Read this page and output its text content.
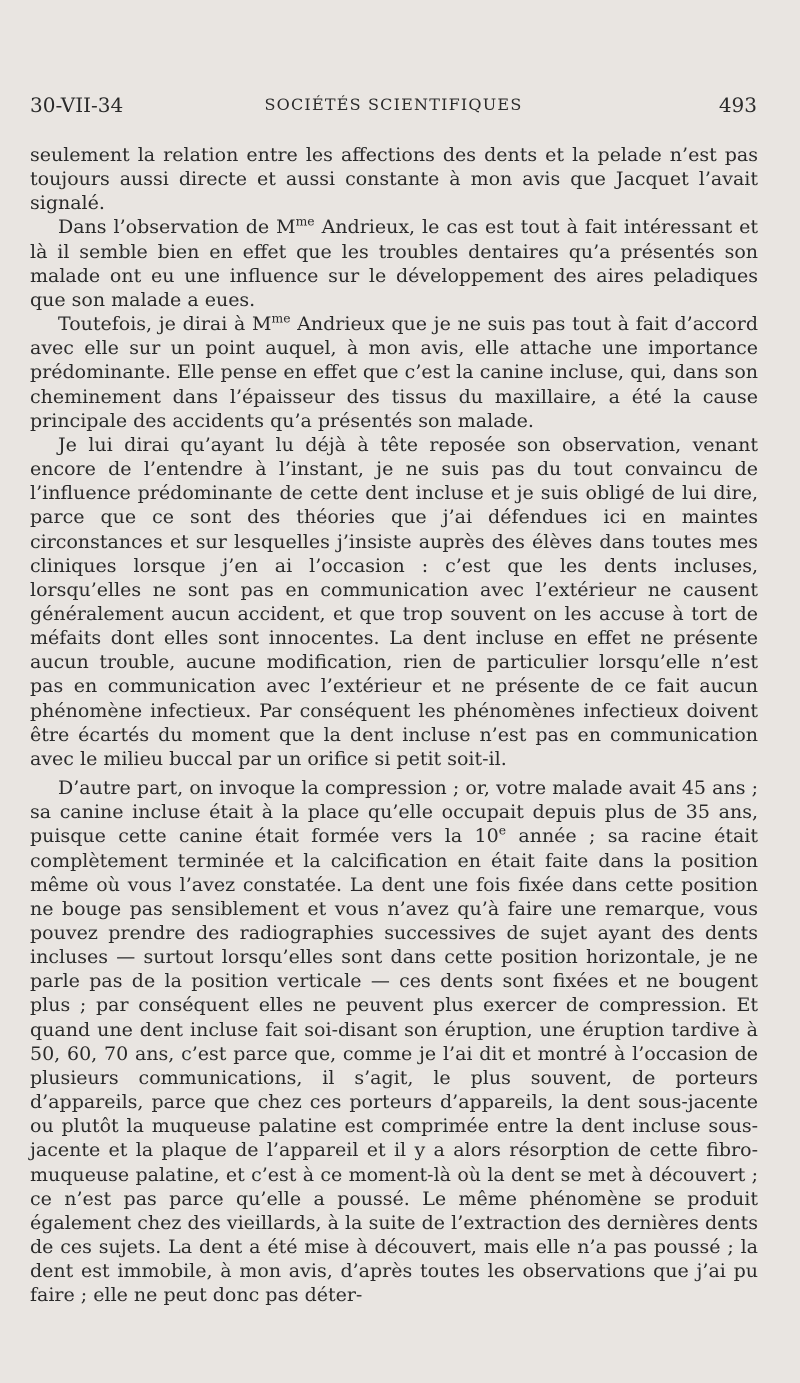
30-VII-34	SOCIÉTÉS SCIENTIFIQUES	493

seulement la relation entre les affections des dents et la pelade n’est pas toujours aussi directe et aussi constante à mon avis que Jacquet l’avait signalé.

Dans l’observation de $M^{me}$ Andrieux, le cas est tout à fait intéressant et là il semble bien en effet que les troubles dentaires qu’a présentés son malade ont eu une influence sur le développement des aires peladiques que son malade a eues.

Toutefois, je dirai à $M^{me}$ Andrieux que je ne suis pas tout à fait d’accord avec elle sur un point auquel, à mon avis, elle attache une importance prédominante. Elle pense en effet que c’est la canine incluse, qui, dans son cheminement dans l’épaisseur des tissus du maxillaire, a été la cause principale des accidents qu’a présentés son malade.

Je lui dirai qu’ayant lu déjà à tête reposée son observation, venant encore de l’entendre à l’instant, je ne suis pas du tout convaincu de l’influence prédominante de cette dent incluse et je suis obligé de lui dire, parce que ce sont des théories que j’ai défendues ici en maintes circonstances et sur lesquelles j’insiste auprès des élèves dans toutes mes cliniques lorsque j’en ai l’occasion : c’est que les dents incluses, lorsqu’elles ne sont pas en communication avec l’extérieur ne causent généralement aucun accident, et que trop souvent on les accuse à tort de méfaits dont elles sont innocentes. La dent incluse en effet ne présente aucun trouble, aucune modification, rien de particulier lorsqu’elle n’est pas en communication avec l’extérieur et ne présente de ce fait aucun phénomène infectieux. Par conséquent les phénomènes infectieux doivent être écartés du moment que la dent incluse n’est pas en communication avec le milieu buccal par un orifice si petit soit-il.

D’autre part, on invoque la compression ; or, votre malade avait 45 ans ; sa canine incluse était à la place qu’elle occupait depuis plus de 35 ans, puisque cette canine était formée vers la 10e année ; sa racine était complètement terminée et la calcification en était faite dans la position même où vous l’avez constatée. La dent une fois fixée dans cette position ne bouge pas sensiblement et vous n’avez qu’à faire une remarque, vous pouvez prendre des radiographies successives de sujet ayant des dents incluses — surtout lorsqu’elles sont dans cette position horizontale, je ne parle pas de la position verticale — ces dents sont fixées et ne bougent plus ; par conséquent elles ne peuvent plus exercer de compression. Et quand une dent incluse fait soi-disant son éruption, une éruption tardive à 50, 60, 70 ans, c’est parce que, comme je l’ai dit et montré à l’occasion de plusieurs communications, il s’agit, le plus souvent, de porteurs d’appareils, parce que chez ces porteurs d’appareils, la dent sous-jacente ou plutôt la muqueuse palatine est comprimée entre la dent incluse sous-jacente et la plaque de l’appareil et il y a alors résorption de cette fibro-muqueuse palatine, et c’est à ce moment-là où la dent se met à découvert ; ce n’est pas parce qu’elle a poussé. Le même phénomène se produit également chez des vieillards, à la suite de l’extraction des dernières dents de ces sujets. La dent a été mise à découvert, mais elle n’a pas poussé ; la dent est immobile, à mon avis, d’après toutes les observations que j’ai pu faire ; elle ne peut donc pas déter-
